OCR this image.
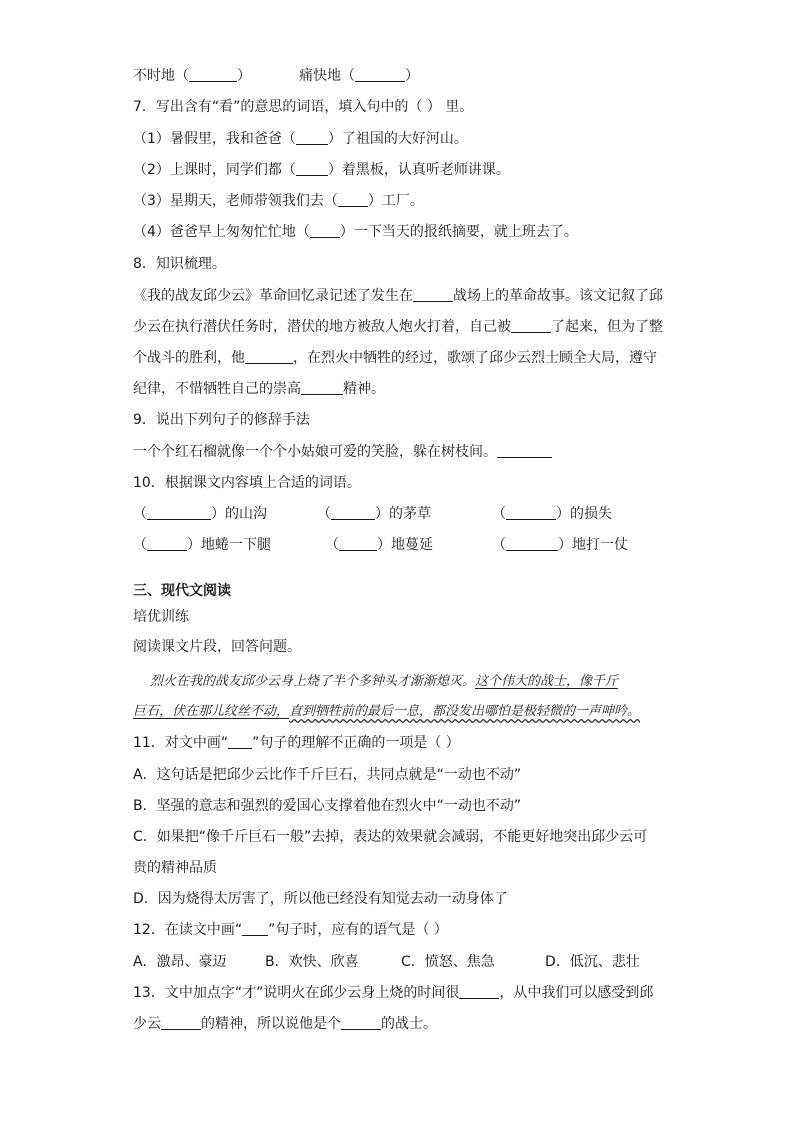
不时地（	）	痛快地（	）
7．写出含有“看”的意思的词语，填入句中的（ ） 里。
（1）暑假里，我和爸爸（ ）了祖国的大好河山。
（2）上课时，同学们都（ ）着黑板，认真听老师讲课。
（3）星期天，老师带领我们去（ ）工厂。
（4）爸爸早上匆匆忙忙地（ ）一下当天的报纸摘要，就上班去了。
8．知识梳理。
《我的战友邱少云》革命回忆录记述了发生在	战场上的革命故事。该文记叙了邱
少云在执行潜伏任务时，潜伏的地方被敌人炮火打着，自己被	了起来，但为了整
个战斗的胜利，他	，在烈火中牺牲的经过，歌颂了邱少云烈士顾全大局，遵守
纪律，不惜牺牲自己的崇高	精神。
9．说出下列句子的修辞手法
一个个红石榴就像一个个小姑娘可爱的笑脸，躲在树枝间。
10．根据课文内容填上合适的词语。
（	）的山沟	（	）的茅草	（	）的损失
（	）地蜷一下腿	（	）地蔓延	（	）地打一仗
三、现代文阅读
培优训练
阅读课文片段，回答问题。
烈火在我的战友邱少云身上烧了半个多钟头才渐渐熄灭。这个伟大的战士，像千斤
巨石，伏在那儿纹丝不动，直到牺牲前的最后一息，都没发出哪怕是极轻微的一声呻吟。
11．对文中画“ ”句子的理解不正确的一项是（ ）
A．这句话是把邱少云比作千斤巨石，共同点就是“一动也不动”
B．坚强的意志和强烈的爱国心支撑着他在烈火中“一动也不动”
C．如果把“像千斤巨石一般”去掉，表达的效果就会减弱，不能更好地突出邱少云可
贵的精神品质
D．因为烧得太厉害了，所以他已经没有知觉去动一动身体了
12．在读文中画“ ”句子时，应有的语气是（ ）
A．激昂、豪迈	B．欢快、欣喜	C．愤怒、焦急	D．低沉、悲壮
13．文中加点字“才”说明火在邱少云身上烧的时间很	，从中我们可以感受到邱
少云	的精神，所以说他是个	的战士。
